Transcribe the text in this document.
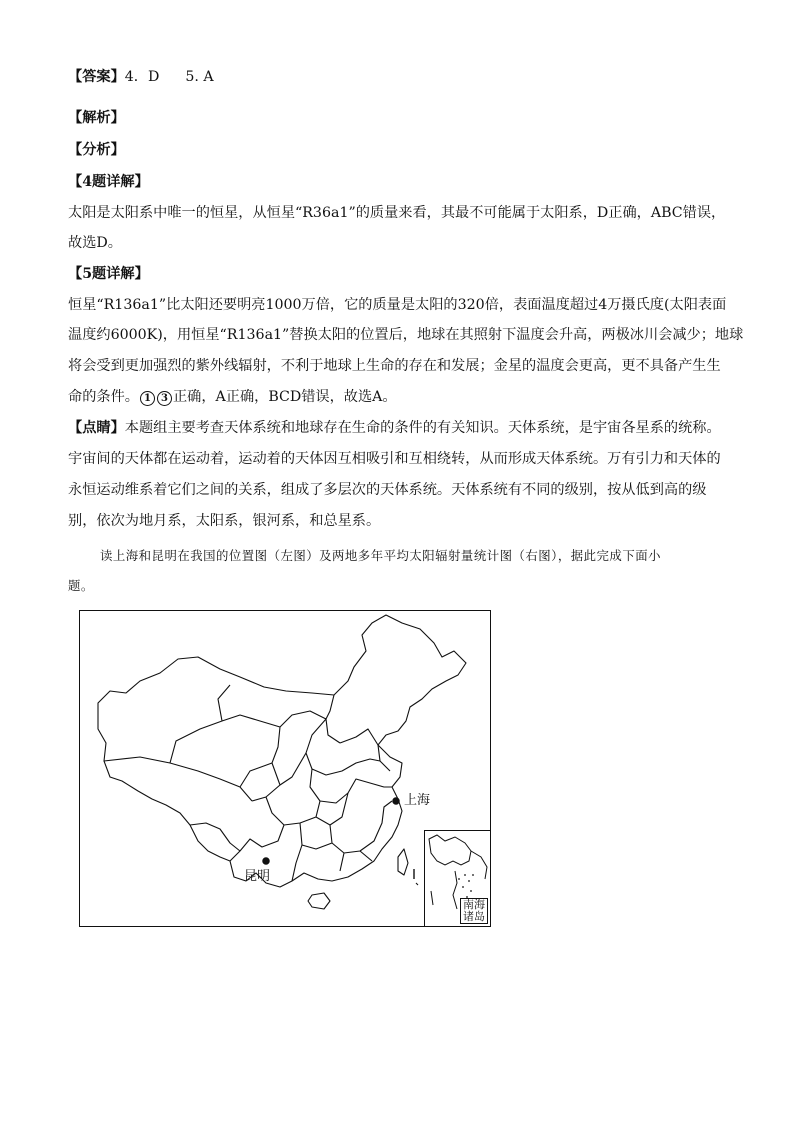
【答案】4．D 5. A
【解析】
【分析】
【4题详解】
太阳是太阳系中唯一的恒星，从恒星“R36a1”的质量来看，其最不可能属于太阳系，D正确，ABC错误，
故选D。
【5题详解】
恒星“R136a1”比太阳还要明亮1000万倍，它的质量是太阳的320倍，表面温度超过4万摄氏度(太阳表面
温度约6000K)，用恒星“R136a1”替换太阳的位置后，地球在其照射下温度会升高，两极冰川会减少；地球
将会受到更加强烈的紫外线辐射，不利于地球上生命的存在和发展；金星的温度会更高，更不具备产生生
命的条件。 1 3 正确，A正确，BCD错误，故选A。
【点睛】本题组主要考查天体系统和地球存在生命的条件的有关知识。天体系统，是宇宙各星系的统称。
宇宙间的天体都在运动着，运动着的天体因互相吸引和互相绕转，从而形成天体系统。万有引力和天体的
永恒运动维系着它们之间的关系，组成了多层次的天体系统。天体系统有不同的级别，按从低到高的级
别，依次为地月系，太阳系，银河系，和总星系。
读上海和昆明在我国的位置图（左图）及两地多年平均太阳辐射量统计图（右图），据此完成下面小
题。
上海
昆明
南海诸岛
